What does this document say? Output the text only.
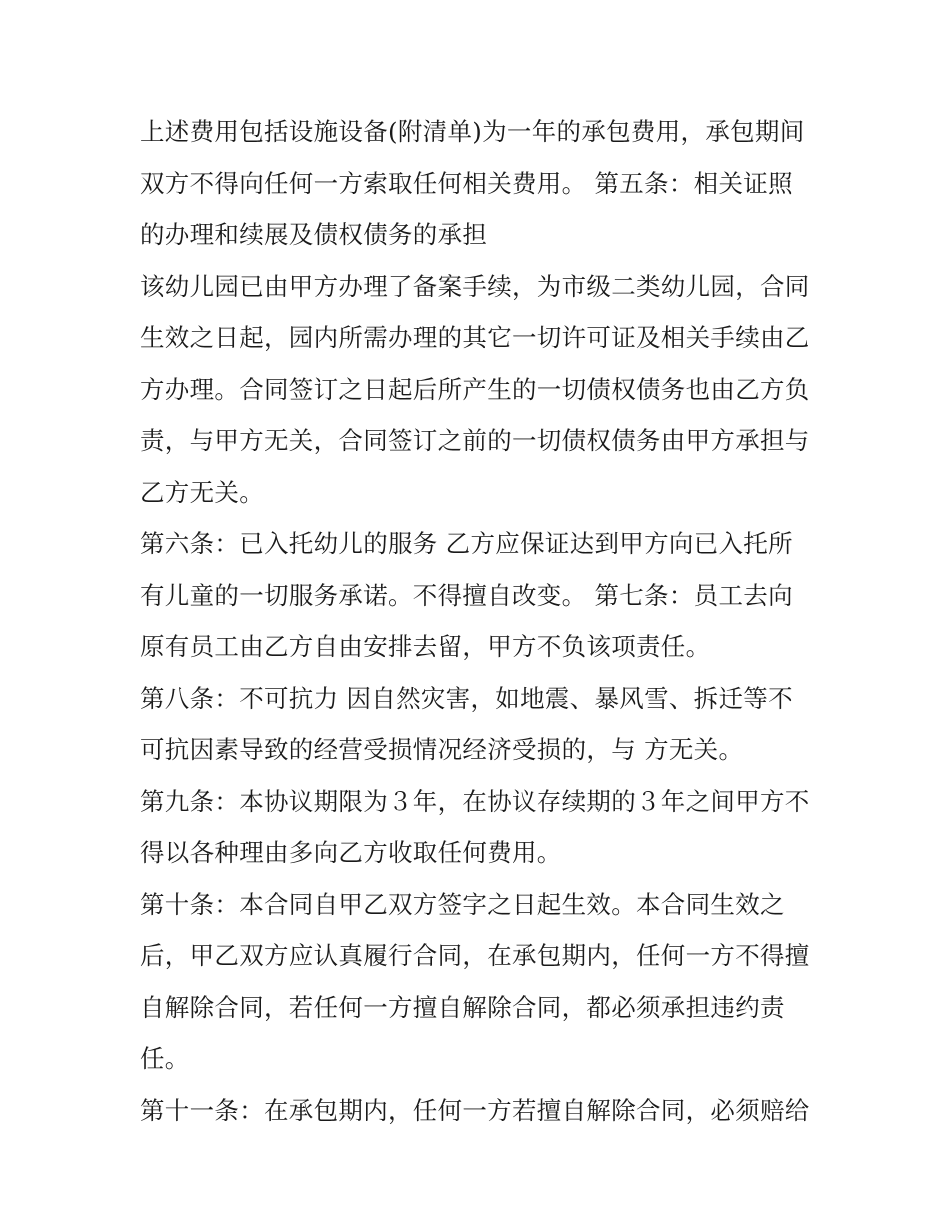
上述费用包括设施设备(附清单)为一年的承包费用，承包期间
双方不得向任何一方索取任何相关费用。 第五条：相关证照
的办理和续展及债权债务的承担
该幼儿园已由甲方办理了备案手续，为市级二类幼儿园，合同
生效之日起，园内所需办理的其它一切许可证及相关手续由乙
方办理。合同签订之日起后所产生的一切债权债务也由乙方负
责，与甲方无关，合同签订之前的一切债权债务由甲方承担与
乙方无关。
第六条：已入托幼儿的服务 乙方应保证达到甲方向已入托所
有儿童的一切服务承诺。不得擅自改变。 第七条：员工去向
原有员工由乙方自由安排去留，甲方不负该项责任。
第八条：不可抗力 因自然灾害，如地震、暴风雪、拆迁等不
可抗因素导致的经营受损情况经济受损的，与 方无关。
第九条：本协议期限为３年，在协议存续期的３年之间甲方不
得以各种理由多向乙方收取任何费用。
第十条：本合同自甲乙双方签字之日起生效。本合同生效之
后，甲乙双方应认真履行合同，在承包期内，任何一方不得擅
自解除合同，若任何一方擅自解除合同，都必须承担违约责
任。
第十一条：在承包期内，任何一方若擅自解除合同，必须赔给
